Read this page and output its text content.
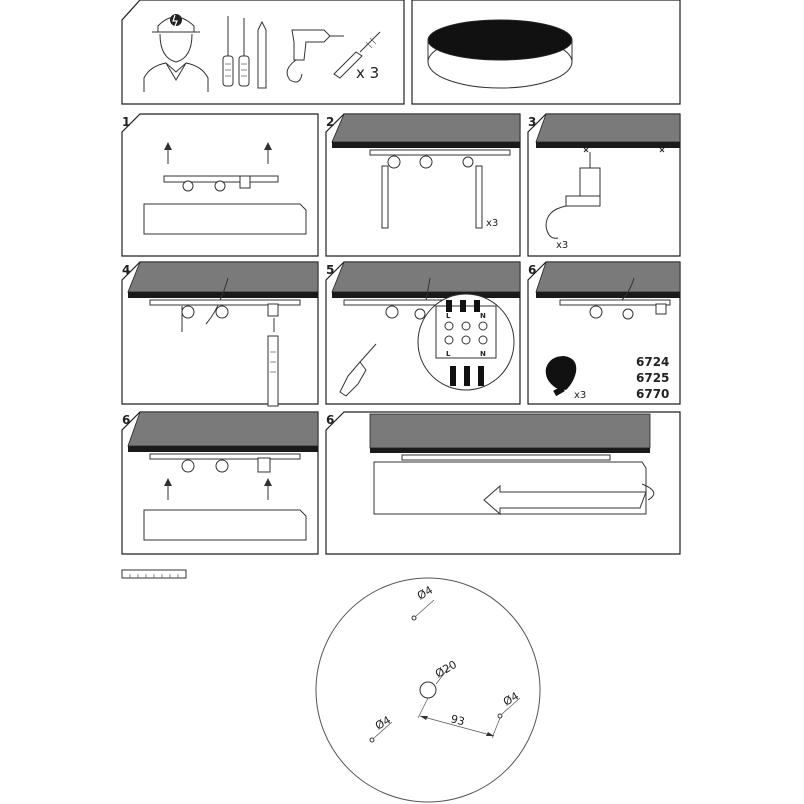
x 3
1	2
x3
3
x3
4	5
L	N
L	N
6
x3
6724
6725
6770
6	6
Ø4
Ø20
Ø4
Ø4
93
